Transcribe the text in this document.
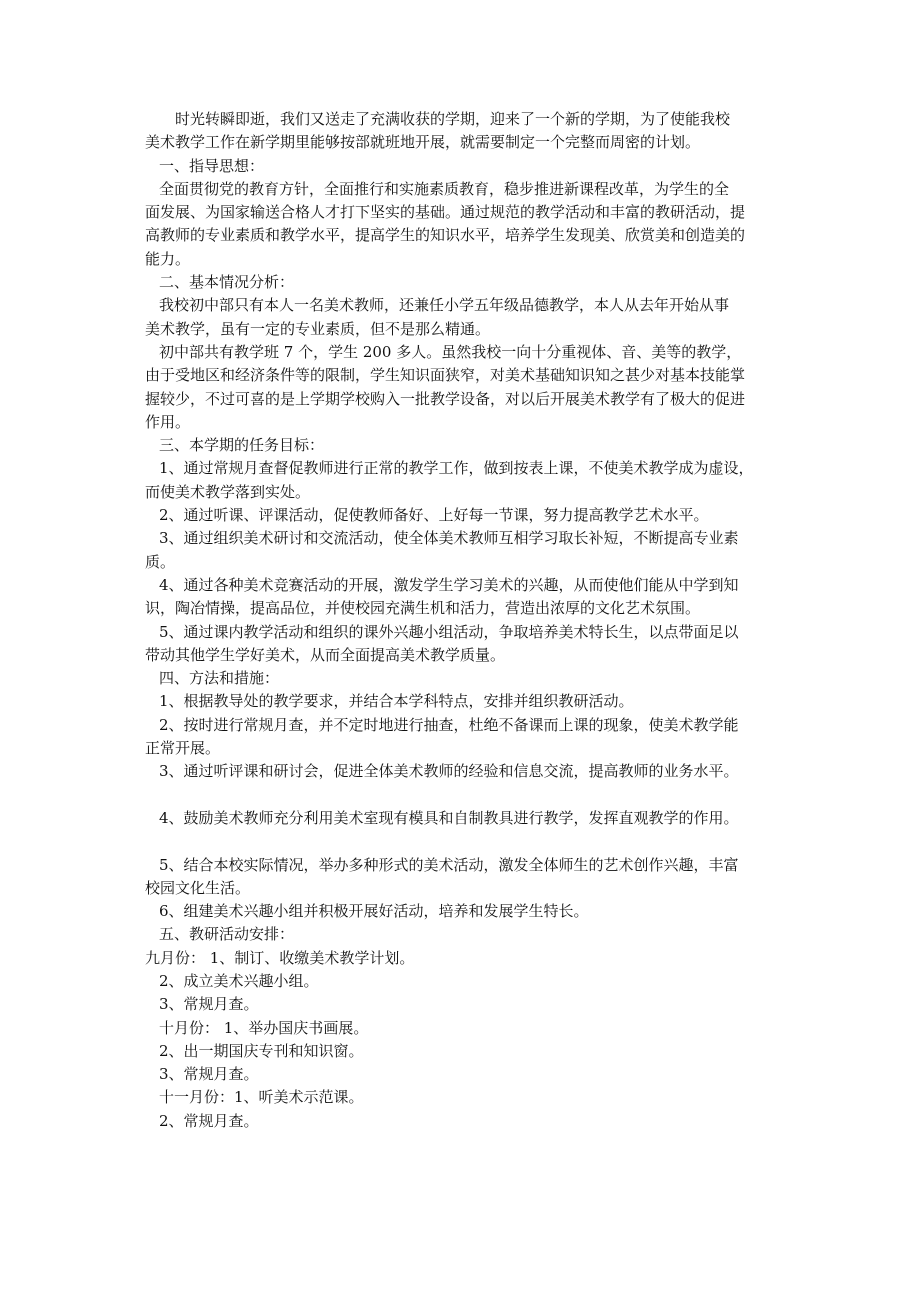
时光转瞬即逝，我们又送走了充满收获的学期，迎来了一个新的学期，为了使能我校
美术教学工作在新学期里能够按部就班地开展，就需要制定一个完整而周密的计划。
一、指导思想：
全面贯彻党的教育方针，全面推行和实施素质教育，稳步推进新课程改革，为学生的全
面发展、为国家输送合格人才打下坚实的基础。通过规范的教学活动和丰富的教研活动，提
高教师的专业素质和教学水平，提高学生的知识水平，培养学生发现美、欣赏美和创造美的
能力。
二、基本情况分析：
我校初中部只有本人一名美术教师，还兼任小学五年级品德教学，本人从去年开始从事
美术教学，虽有一定的专业素质，但不是那么精通。
初中部共有教学班 7 个，学生 200 多人。虽然我校一向十分重视体、音、美等的教学，
由于受地区和经济条件等的限制，学生知识面狭窄，对美术基础知识知之甚少对基本技能掌
握较少，不过可喜的是上学期学校购入一批教学设备，对以后开展美术教学有了极大的促进
作用。
三、本学期的任务目标：
1、通过常规月查督促教师进行正常的教学工作，做到按表上课，不使美术教学成为虚设，
而使美术教学落到实处。
2、通过听课、评课活动，促使教师备好、上好每一节课，努力提高教学艺术水平。
3、通过组织美术研讨和交流活动，使全体美术教师互相学习取长补短，不断提高专业素
质。
4、通过各种美术竞赛活动的开展，激发学生学习美术的兴趣，从而使他们能从中学到知
识，陶冶情操，提高品位，并使校园充满生机和活力，营造出浓厚的文化艺术氛围。
5、通过课内教学活动和组织的课外兴趣小组活动，争取培养美术特长生，以点带面足以
带动其他学生学好美术，从而全面提高美术教学质量。
四、方法和措施：
1、根据教导处的教学要求，并结合本学科特点，安排并组织教研活动。
2、按时进行常规月查，并不定时地进行抽查，杜绝不备课而上课的现象，使美术教学能
正常开展。
3、通过听评课和研讨会，促进全体美术教师的经验和信息交流，提高教师的业务水平。
4、鼓励美术教师充分利用美术室现有模具和自制教具进行教学，发挥直观教学的作用。
5、结合本校实际情况，举办多种形式的美术活动，激发全体师生的艺术创作兴趣，丰富
校园文化生活。
6、组建美术兴趣小组并积极开展好活动，培养和发展学生特长。
五、教研活动安排：
九月份： 1、制订、收缴美术教学计划。
2、成立美术兴趣小组。
3、常规月查。
十月份： 1、举办国庆书画展。
2、出一期国庆专刊和知识窗。
3、常规月查。
十一月份：1、听美术示范课。
2、常规月查。
